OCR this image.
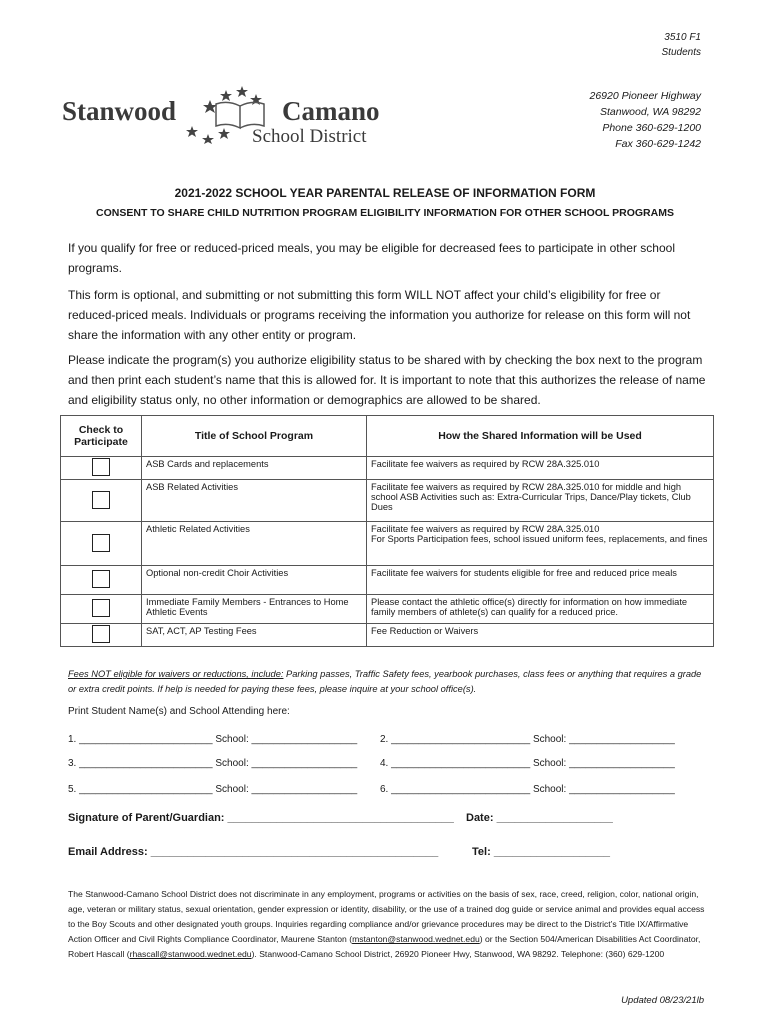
3510 F1
Students
Stanwood	Camano
School District
26920 Pioneer Highway
Stanwood, WA 98292
Phone 360-629-1200
Fax 360-629-1242
2021-2022 SCHOOL YEAR PARENTAL RELEASE OF INFORMATION FORM
CONSENT TO SHARE CHILD NUTRITION PROGRAM ELIGIBILITY INFORMATION FOR OTHER SCHOOL PROGRAMS
If you qualify for free or reduced-priced meals, you may be eligible for decreased fees to participate in other school programs.
This form is optional, and submitting or not submitting this form WILL NOT affect your child’s eligibility for free or reduced-priced meals. Individuals or programs receiving the information you authorize for release on this form will not share the information with any other entity or program.
Please indicate the program(s) you authorize eligibility status to be shared with by checking the box next to the program and then print each student’s name that this is allowed for. It is important to note that this authorizes the release of name and eligibility status only, no other information or demographics are allowed to be shared.
Check to Participate	Title of School Program	How the Shared Information will be Used
	ASB Cards and replacements	Facilitate fee waivers as required by RCW 28A.325.010
	ASB Related Activities	Facilitate fee waivers as required by RCW 28A.325.010 for middle and high school ASB Activities such as: Extra-Curricular Trips, Dance/Play tickets, Club Dues
	Athletic Related Activities	Facilitate fee waivers as required by RCW 28A.325.010
For Sports Participation fees, school issued uniform fees, replacements, and fines
	Optional non-credit Choir Activities	Facilitate fee waivers for students eligible for free and reduced price meals
	Immediate Family Members - Entrances to Home Athletic Events	Please contact the athletic office(s) directly for information on how immediate family members of athlete(s) can qualify for a reduced price.
	SAT, ACT, AP Testing Fees	Fee Reduction or Waivers
Fees NOT eligible for waivers or reductions, include: Parking passes, Traffic Safety fees, yearbook purchases, class fees or anything that requires a grade or extra credit points. If help is needed for paying these fees, please inquire at your school office(s).
Print Student Name(s) and School Attending here:
1. ________________________ School: ___________________ 2. _________________________ School: ___________________
3. ________________________ School: ___________________ 4. _________________________ School: ___________________
5. ________________________ School: ___________________ 6. _________________________ School: ___________________
Signature of Parent/Guardian: _____________________________________ Date: ___________________
Email Address: _______________________________________________	Tel: ___________________
The Stanwood-Camano School District does not discriminate in any employment, programs or activities on the basis of sex, race, creed, religion, color, national origin, age, veteran or military status, sexual orientation, gender expression or identity, disability, or the use of a trained dog guide or service animal and provides equal access to the Boy Scouts and other designated youth groups. Inquiries regarding compliance and/or grievance procedures may be direct to the District’s Title IX/Affirmative Action Officer and Civil Rights Compliance Coordinator, Maurene Stanton (mstanton@stanwood.wednet.edu) or the Section 504/American Disabilities Act Coordinator, Robert Hascall (rhascall@stanwood.wednet.edu). Stanwood-Camano School District, 26920 Pioneer Hwy, Stanwood, WA 98292. Telephone: (360) 629-1200
Updated 08/23/21lb
